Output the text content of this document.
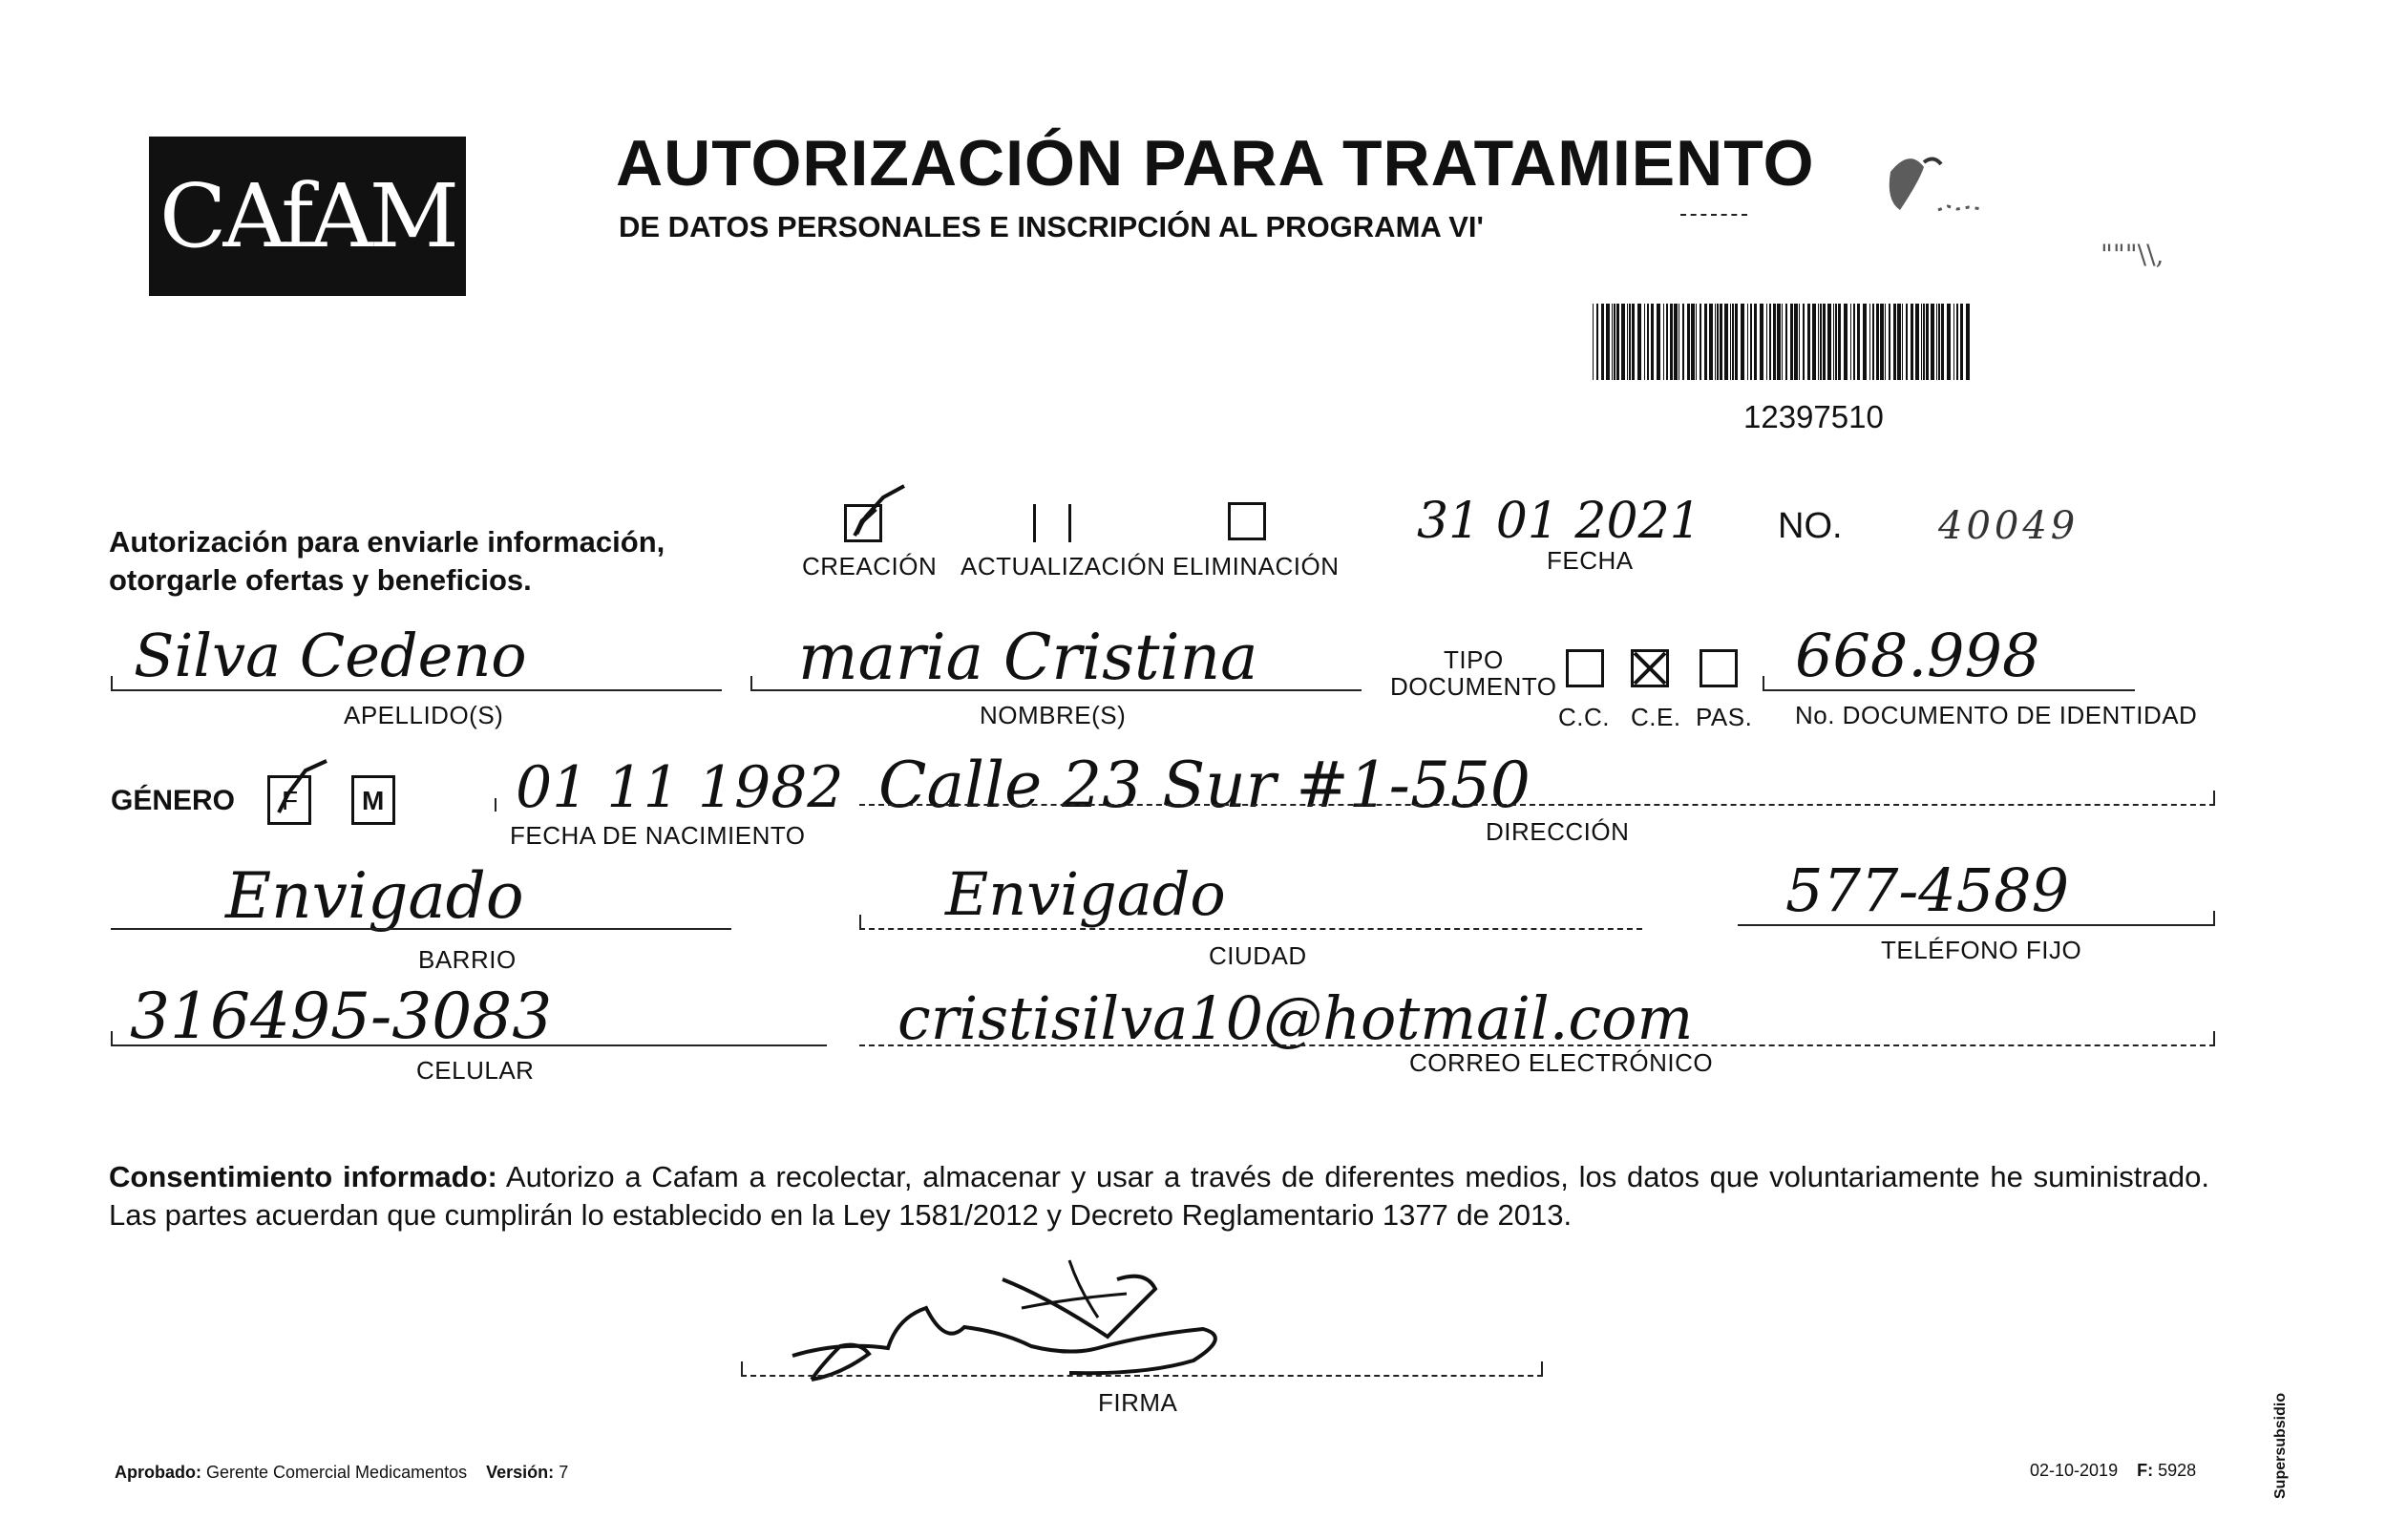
CAfAM
AUTORIZACIÓN PARA TRATAMIENTO
DE DATOS PERSONALES E INSCRIPCIÓN AL PROGRAMA VI'
"""\\,
12397510
Autorización para enviarle información,
otorgarle ofertas y beneficios.	CREACIÓN ACTUALIZACIÓN ELIMINACIÓN
31 01 2021
FECHA
NO.	40049
Silva Cedeno
APELLIDO(S)
maria Cristina
NOMBRE(S)
TIPO
DOCUMENTO
C.C. C.E. PAS.
668.998
No. DOCUMENTO DE IDENTIDAD
GÉNERO F M 01 11 1982
FECHA DE NACIMIENTO
Calle 23 Sur #1-550
DIRECCIÓN
Envigado
BARRIO
Envigado
CIUDAD
577-4589
TELÉFONO FIJO
316495-3083
CELULAR
cristisilva10@hotmail.com
CORREO ELECTRÓNICO
Consentimiento informado: Autorizo a Cafam a recolectar, almacenar y usar a través de diferentes medios, los datos que voluntariamente he suministrado. Las partes acuerdan que cumplirán lo establecido en la Ley 1581/2012 y Decreto Reglamentario 1377 de 2013.
FIRMA
Aprobado: Gerente Comercial Medicamentos Versión: 7	02-10-2019 F: 5928	Supersubsidio
